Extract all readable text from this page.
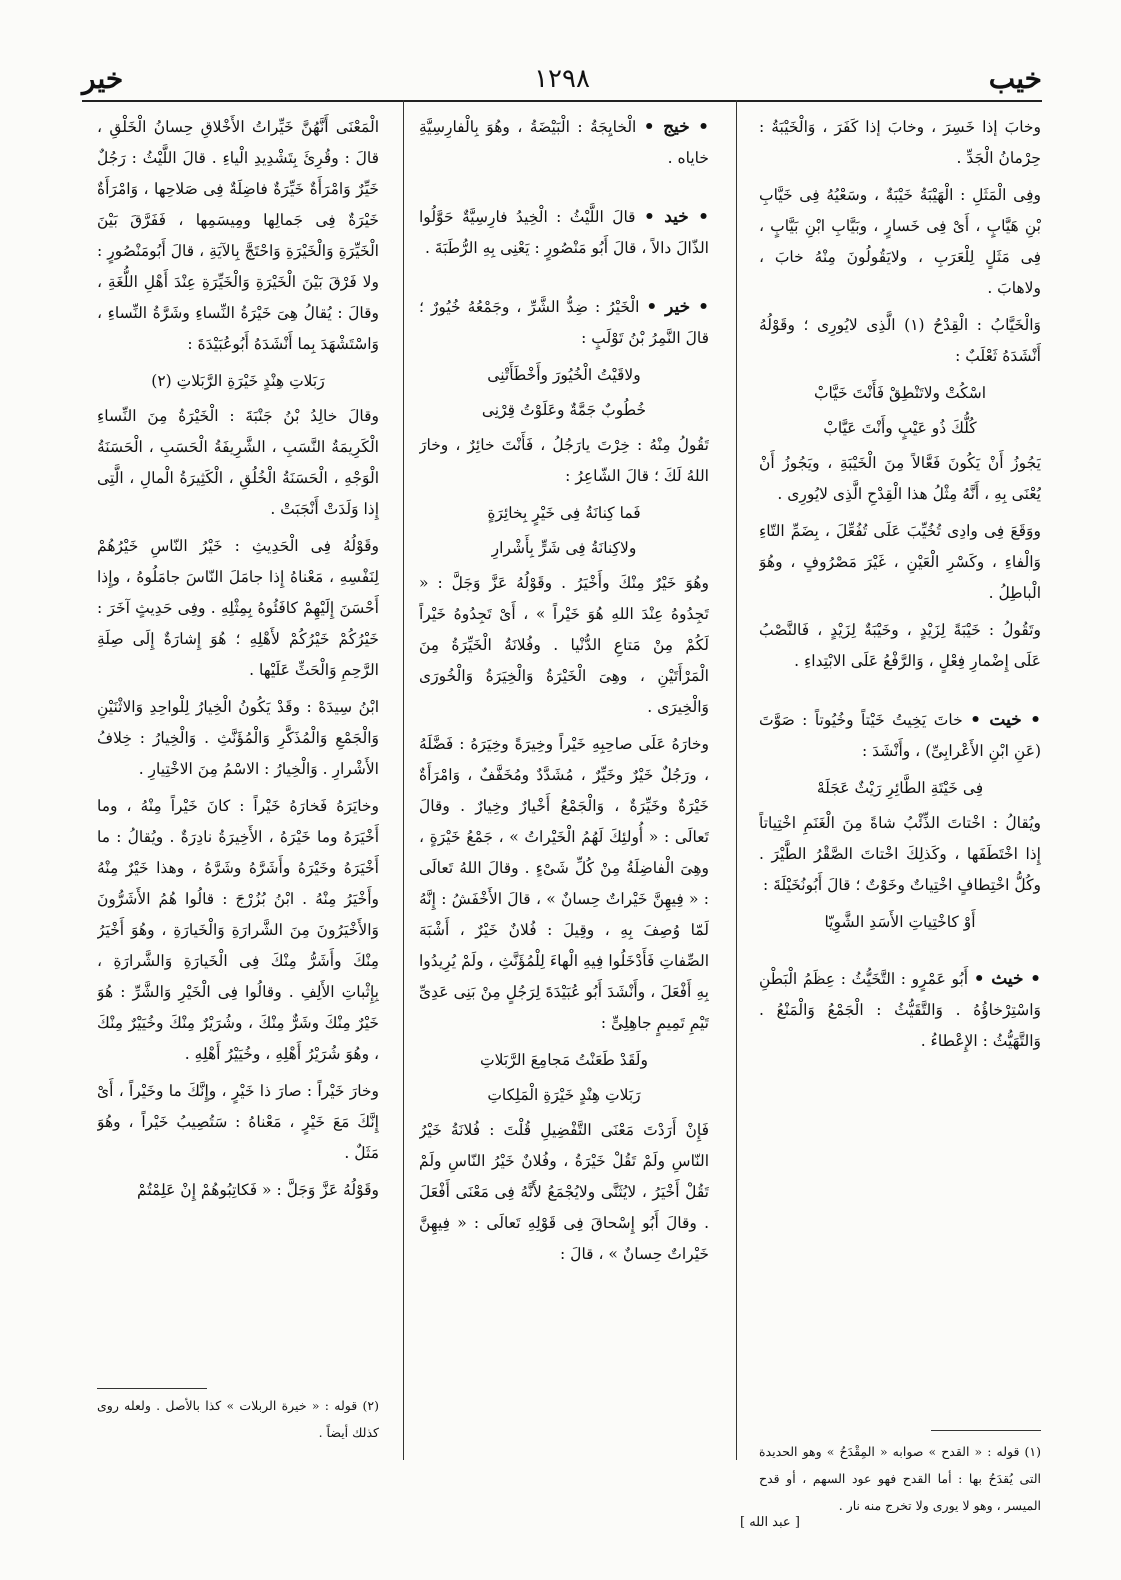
خيب
١٢٩٨
خير
وخابَ إذا خَسِرَ ، وخابَ إذا كَفَرَ ، وَالْخَيْبَةُ : حِرْمانُ الْجَدِّ .
وفِى الْمَثَلِ : الْهَيْبَةُ خَيْبَةٌ ، وسَعْيُهُ فِى خَيَّابِ بْنِ هَيَّابٍ ، أَىْ فِى خَسارٍ ، وبَيَّابِ ابْنِ بَيَّابٍ ، فِى مَثَلٍ لِلْعَرَبِ ، ولايَقُولُونَ مِنْهُ خابَ ، ولاهابَ .
وَالْخَيَّابُ : الْقِدْحُ (١) الَّذِى لايُورِى ؛ وقَوْلُهُ أَنْشَدَهُ ثَعْلَبٌ :
اسْكُتْ ولاتَنْطِقْ فَأَنْتَ خَيَّابْ
كُلُّكَ ذُو عَيْبٍ وأَنْتَ عَيَّابْ
يَجُوزُ أَنْ يَكُونَ فَعَّالاً مِنَ الْخَيْبَةِ ، ويَجُوزُ أَنْ يُعْنَى بِهِ ، أَنَّهُ مِثْلُ هذا الْقِدْحِ الَّذِى لايُورِى .
ووَقَعَ فِى وادِى تُخُيِّبَ عَلَى تُفُعِّلَ ، بِضَمِّ التّاءِ وَالْفاءِ ، وكَسْرِ الْعَيْنِ ، غَيْرَ مَصْرُوفٍ ، وهُوَ الْباطِلُ .
وتَقُولُ : خَيْبَةً لِزَيْدٍ ، وخَيْبَةٌ لِزَيْدٍ ، فَالنَّصْبُ عَلَى إِضْمارِ فِعْلٍ ، وَالرَّفْعُ عَلَى الابْتِداءِ .
• خيت • خاتَ يَخِيتُ خَيْتاً وخُيُوتاً : صَوَّتَ (عَنِ ابْنِ الأَعْرابِىِّ) ، وأَنْشَدَ :
فِى خَيْتَةِ الطَّائِرِ رَيْثٌ عَجَلَهْ
ويُقالُ : اخْتاتَ الذِّئْبُ شاةً مِنَ الْغَنَمِ اخْتِياتاً إِذا اخْتَطَفَها ، وكَذلِكَ اخْتاتَ الصَّقْرُ الطَّيْرَ . وكُلُّ اخْتِطافٍ اخْتِياتٌ وخَوْتٌ ؛ قالَ أَبُونُخَيْلَةَ :
أَوْ كاخْتِياتِ الأَسَدِ الشَّوِيّا
• خيث • أَبُو عَمْرٍو : التَّخَيُّثُ : عِظَمُ الْبَطْنِ وَاسْتِرْخاؤُهُ . وَالتَّقَيُّثُ : الْجَمْعُ وَالْمَنْعُ . وَالتَّهَيُّثُ : الإِعْطاءُ .
• خيج • الْخايِجَةُ : الْبَيْضَةُ ، وهُوَ بِالْفارِسِيَّةِ خاياه .
• خيد • قالَ اللَّيْثُ : الْخِيدُ فارِسِيَّةٌ حَوَّلُوا الذّالَ دالاً ، قالَ أَبُو مَنْصُورٍ : يَعْنِى بِهِ الرُّطَبَةَ .
• خير • الْخَيْرُ : ضِدُّ الشَّرِّ ، وجَمْعُهُ خُيُورٌ ؛ قالَ النَّمِرُ بْنُ تَوْلَبٍ :
ولاقَيْتُ الْخُيُورَ وأَخْطَأَتْنِى
خُطُوبٌ جَمَّةٌ وعَلَوْتُ قِرْنِى
تَقُولُ مِنْهُ : خِرْتَ يارَجُلُ ، فَأَنْتَ خائِرٌ ، وخارَ اللهُ لَكَ ؛ قالَ الشّاعِرُ :
فَما كِنانَةُ فِى خَيْرٍ بِخائِرَةٍ
ولاكِنانَةُ فِى شَرٍّ بِأَشْرارِ
وهُوَ خَيْرٌ مِنْكَ وأَخْيَرُ . وقَوْلُهُ عَزَّ وَجَلَّ : « تَجِدُوهُ عِنْدَ اللهِ هُوَ خَيْراً » ، أَىْ تَجِدُوهُ خَيْراً لَكُمْ مِنْ مَتاعِ الدُّنْيا . وفُلانَةُ الْخَيِّرَةُ مِنَ الْمَرْأَتَيْنِ ، وهِىَ الْخَيْرَةُ وَالْخِيَرَةُ وَالْخُورَى وَالْخِيرَى .
وخارَهُ عَلَى صاحِبِهِ خَيْراً وخِيرَةً وخِيَرَهُ : فَضَّلَهُ ، ورَجُلٌ خَيْرٌ وخَيِّرٌ ، مُشَدَّدٌ ومُخَفَّفٌ ، وَامْرَأَةٌ خَيْرَةٌ وخَيِّرَةٌ ، وَالْجَمْعُ أَخْيارٌ وخِيارٌ . وقالَ تَعالَى : « أُولئِكَ لَهُمُ الْخَيْراتُ » ، جَمْعُ خَيْرَةٍ ، وهِىَ الْفاضِلَةُ مِنْ كُلِّ شَىْءٍ . وقالَ اللهُ تَعالَى : « فِيهِنَّ خَيْراتٌ حِسانٌ » ، قالَ الأَخْفَشُ : إِنَّهُ لَمّا وُصِفَ بِهِ ، وقِيلَ : فُلانٌ خَيْرٌ ، أَشْبَهَ الصِّفاتِ فَأَدْخَلُوا فِيهِ الْهاءَ لِلْمُؤَنَّثِ ، ولَمْ يُرِيدُوا بِهِ أَفْعَلَ ، وأَنْشَدَ أَبُو عُبَيْدَةَ لِرَجُلٍ مِنْ بَنِى عَدِىِّ تَيْمِ تَمِيمٍ جاهِلِىٍّ :
ولَقَدْ طَعَنْتُ مَجامِعَ الرَّبَلاتِ
رَبَلاتِ هِنْدٍ خَيْرَةِ الْمَلِكاتِ
فَإِنْ أَرَدْتَ مَعْنَى التَّفْضِيلِ قُلْتَ : فُلانَةُ خَيْرُ النّاسِ ولَمْ تَقُلْ خَيْرَةُ ، وفُلانٌ خَيْرُ النّاسِ ولَمْ تَقُلْ أَخْيَرُ ، لايُثَنَّى ولايُجْمَعُ لأَنَّهُ فِى مَعْنَى أَفْعَلَ . وقالَ أَبُو إِسْحاقَ فِى قَوْلِهِ تَعالَى : « فِيهِنَّ خَيْراتٌ حِسانٌ » ، قالَ :
الْمَعْنَى أَنَّهُنَّ خَيِّراتُ الأَخْلاقِ حِسانُ الْخَلْقِ ، قالَ : وقُرِئَ بِتَشْدِيدِ الْياءِ . قالَ اللَّيْثُ : رَجُلٌ خَيِّرٌ وَامْرَأَةٌ خَيِّرَةٌ فاضِلَةٌ فِى صَلاحِها ، وَامْرَأَةٌ خَيْرَةٌ فِى جَمالِها ومِيسَمِها ، فَفَرَّقَ بَيْنَ الْخَيِّرَةِ وَالْخَيْرَةِ وَاحْتَجَّ بِالآيَةِ ، قالَ أَبُومَنْصُورٍ : ولا فَرْقَ بَيْنَ الْخَيْرَةِ وَالْخَيِّرَةِ عِنْدَ أَهْلِ اللُّغَةِ ، وقالَ : يُقالُ هِىَ خَيْرَةُ النِّساءِ وشَرَّةُ النِّساءِ ، وَاسْتَشْهَدَ بِما أَنْشَدَهُ أَبُوعُبَيْدَةَ :
رَبَلاتِ هِنْدٍ خَيْرَةِ الرَّبَلاتِ (٢)
وقالَ خالِدُ بْنُ جَنْبَةَ : الْخَيْرَةُ مِنَ النِّساءِ الْكَرِيمَةُ النَّسَبِ ، الشَّرِيفَةُ الْحَسَبِ ، الْحَسَنَةُ الْوَجْهِ ، الْحَسَنَةُ الْخُلُقِ ، الْكَثِيرَةُ الْمالِ ، الَّتِى إِذا وَلَدَتْ أَنْجَبَتْ .
وقَوْلُهُ فِى الْحَدِيثِ : خَيْرُ النّاسِ خَيْرُهُمْ لِنَفْسِهِ ، مَعْناهُ إِذا جامَلَ النّاسَ جامَلُوهُ ، وإِذا أَحْسَنَ إِلَيْهِمْ كافَئُوهُ بِمِثْلِهِ . وفِى حَدِيثٍ آخَرَ : خَيْرُكُمْ خَيْرُكُمْ لأَهْلِهِ ؛ هُوَ إِشارَةٌ إِلَى صِلَةِ الرَّحِمِ وَالْحَثِّ عَلَيْها .
ابْنُ سِيدَهْ : وقَدْ يَكُونُ الْخِيارُ لِلْواحِدِ وَالاثْنَيْنِ وَالْجَمْعِ وَالْمُذَكَّرِ وَالْمُؤَنَّثِ . وَالْخِيارُ : خِلافُ الأَشْرارِ . وَالْخِيارُ : الاسْمُ مِنَ الاخْتِيارِ .
وخايَرَهُ فَخارَهُ خَيْراً : كانَ خَيْراً مِنْهُ ، وما أَخْيَرَهُ وما خَيْرَهُ ، الأَخِيرَةُ نادِرَةٌ . ويُقالُ : ما أَخْيَرَهُ وخَيْرَهُ وأَشَرَّهُ وشَرَّهُ ، وهذا خَيْرٌ مِنْهُ وأَخْيَرُ مِنْهُ . ابْنُ بُزُرْجَ : قالُوا هُمُ الأَشَرُّونَ وَالأَخْيَرُونَ مِنَ الشَّرارَةِ وَالْخَيارَةِ ، وهُوَ أَخْيَرُ مِنْكَ وأَشَرُّ مِنْكَ فِى الْخَيارَةِ وَالشَّرارَةِ ، بِإِثْباتِ الأَلِفِ . وقالُوا فِى الْخَيْرِ وَالشَّرِّ : هُوَ خَيْرٌ مِنْكَ وشَرٌّ مِنْكَ ، وشُرَيْرٌ مِنْكَ وخُيَيْرٌ مِنْكَ ، وهُوَ شُرَيْرُ أَهْلِهِ ، وخُيَيْرُ أَهْلِهِ .
وخارَ خَيْراً : صارَ ذا خَيْرٍ ، وإِنَّكَ ما وخَيْراً ، أَىْ إِنَّكَ مَعَ خَيْرٍ ، مَعْناهُ : سَتُصِيبُ خَيْراً ، وهُوَ مَثَلٌ .
وقَوْلُهُ عَزَّ وَجَلَّ : « فَكاتِبُوهُمْ إِنْ عَلِمْتُمْ
(١) قوله : « القدح » صوابه « المِقْدَحُ » وهو الحديدة التى يُقدَحُ بها : أما القدح فهو عود السهم ، أو قدح الميسر ، وهو لا يورى ولا تخرج منه نار .
[ عبد الله ]
(٢) قوله : « خيرة الربلات » كذا بالأصل . ولعله روى كذلك أيضاً .
